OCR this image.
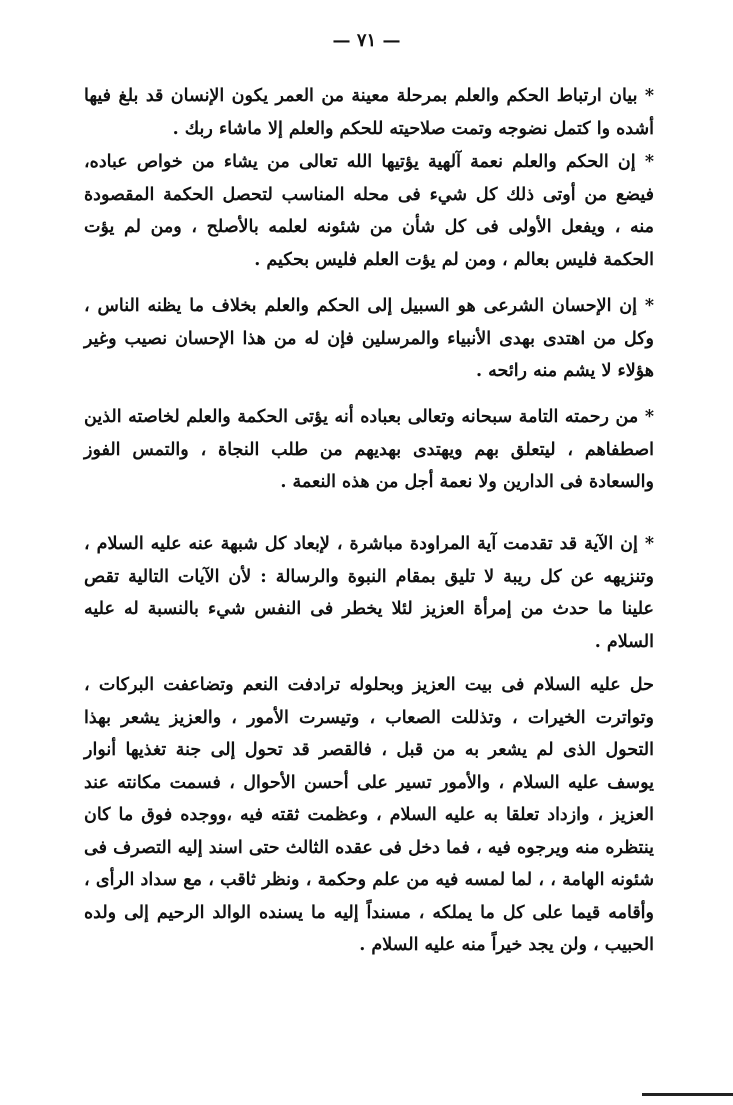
— ٧١ —

* بيان ارتباط الحكم والعلم بمرحلة معينة من العمر يكون الإنسان قد بلغ فيها أشده وا كتمل نضوجه وتمت صلاحيته للحكم والعلم إلا ماشاء ربك .

* إن الحكم والعلم نعمة آلهية يؤتيها الله تعالى من يشاء من خواص عباده، فيضع من أوتى ذلك كل شيء فى محله المناسب لتحصل الحكمة المقصودة منه ، ويفعل الأولى فى كل شأن من شئونه لعلمه بالأصلح ، ومن لم يؤت الحكمة فليس بعالم ، ومن لم يؤت العلم فليس بحكيم .

* إن الإحسان الشرعى هو السبيل إلى الحكم والعلم بخلاف ما يظنه الناس ، وكل من اهتدى بهدى الأنبياء والمرسلين فإن له من هذا الإحسان نصيب وغير هؤلاء لا يشم منه رائحه .

* من رحمته التامة سبحانه وتعالى بعباده أنه يؤتى الحكمة والعلم لخاصته الذين اصطفاهم ، ليتعلق بهم ويهتدى بهديهم من طلب النجاة ، والتمس الفوز والسعادة فى الدارين ولا نعمة أجل من هذه النعمة .

* إن الآية قد تقدمت آية المراودة مباشرة ، لإبعاد كل شبهة عنه عليه السلام ، وتنزيهه عن كل ريبة لا تليق بمقام النبوة والرسالة : لأن الآيات التالية تقص علينا ما حدث من إمرأة العزيز لئلا يخطر فى النفس شيء بالنسبة له عليه السلام .

حل عليه السلام فى بيت العزيز وبحلوله ترادفت النعم وتضاعفت البركات ، وتواترت الخيرات ، وتذللت الصعاب ، وتيسرت الأمور ، والعزيز يشعر بهذا التحول الذى لم يشعر به من قبل ، فالقصر قد تحول إلى جنة تغذيها أنوار يوسف عليه السلام ، والأمور تسير على أحسن الأحوال ، فسمت مكانته عند العزيز ، وازداد تعلقا به عليه السلام ، وعظمت ثقته فيه ،ووجده فوق ما كان ينتظره منه ويرجوه فيه ، فما دخل فى عقده الثالث حتى اسند إليه التصرف فى شئونه الهامة ، ، لما لمسه فيه من علم وحكمة ، ونظر ثاقب ، مع سداد الرأى ، وأقامه قيما على كل ما يملكه ، مسنداً إليه ما يسنده الوالد الرحيم إلى ولده الحبيب ، ولن يجد خيراً منه عليه السلام .
